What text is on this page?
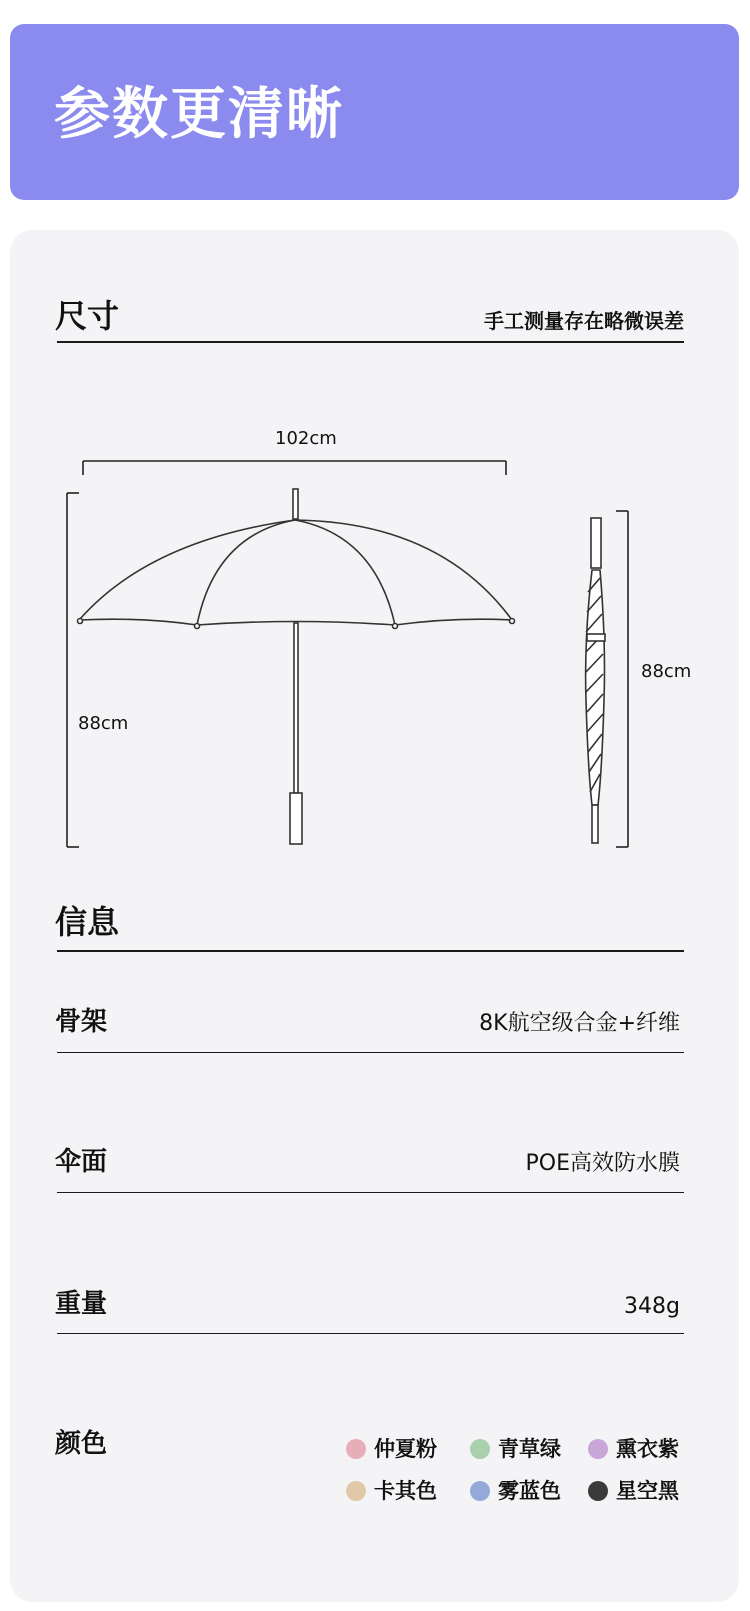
参数更清晰
尺寸	手工测量存在略微误差
102cm
88cm
88cm
信息
骨架	8K航空级合金+纤维
伞面	POE高效防水膜
重量	348g
颜色	仲夏粉	青草绿	熏衣紫
卡其色	雾蓝色	星空黑
